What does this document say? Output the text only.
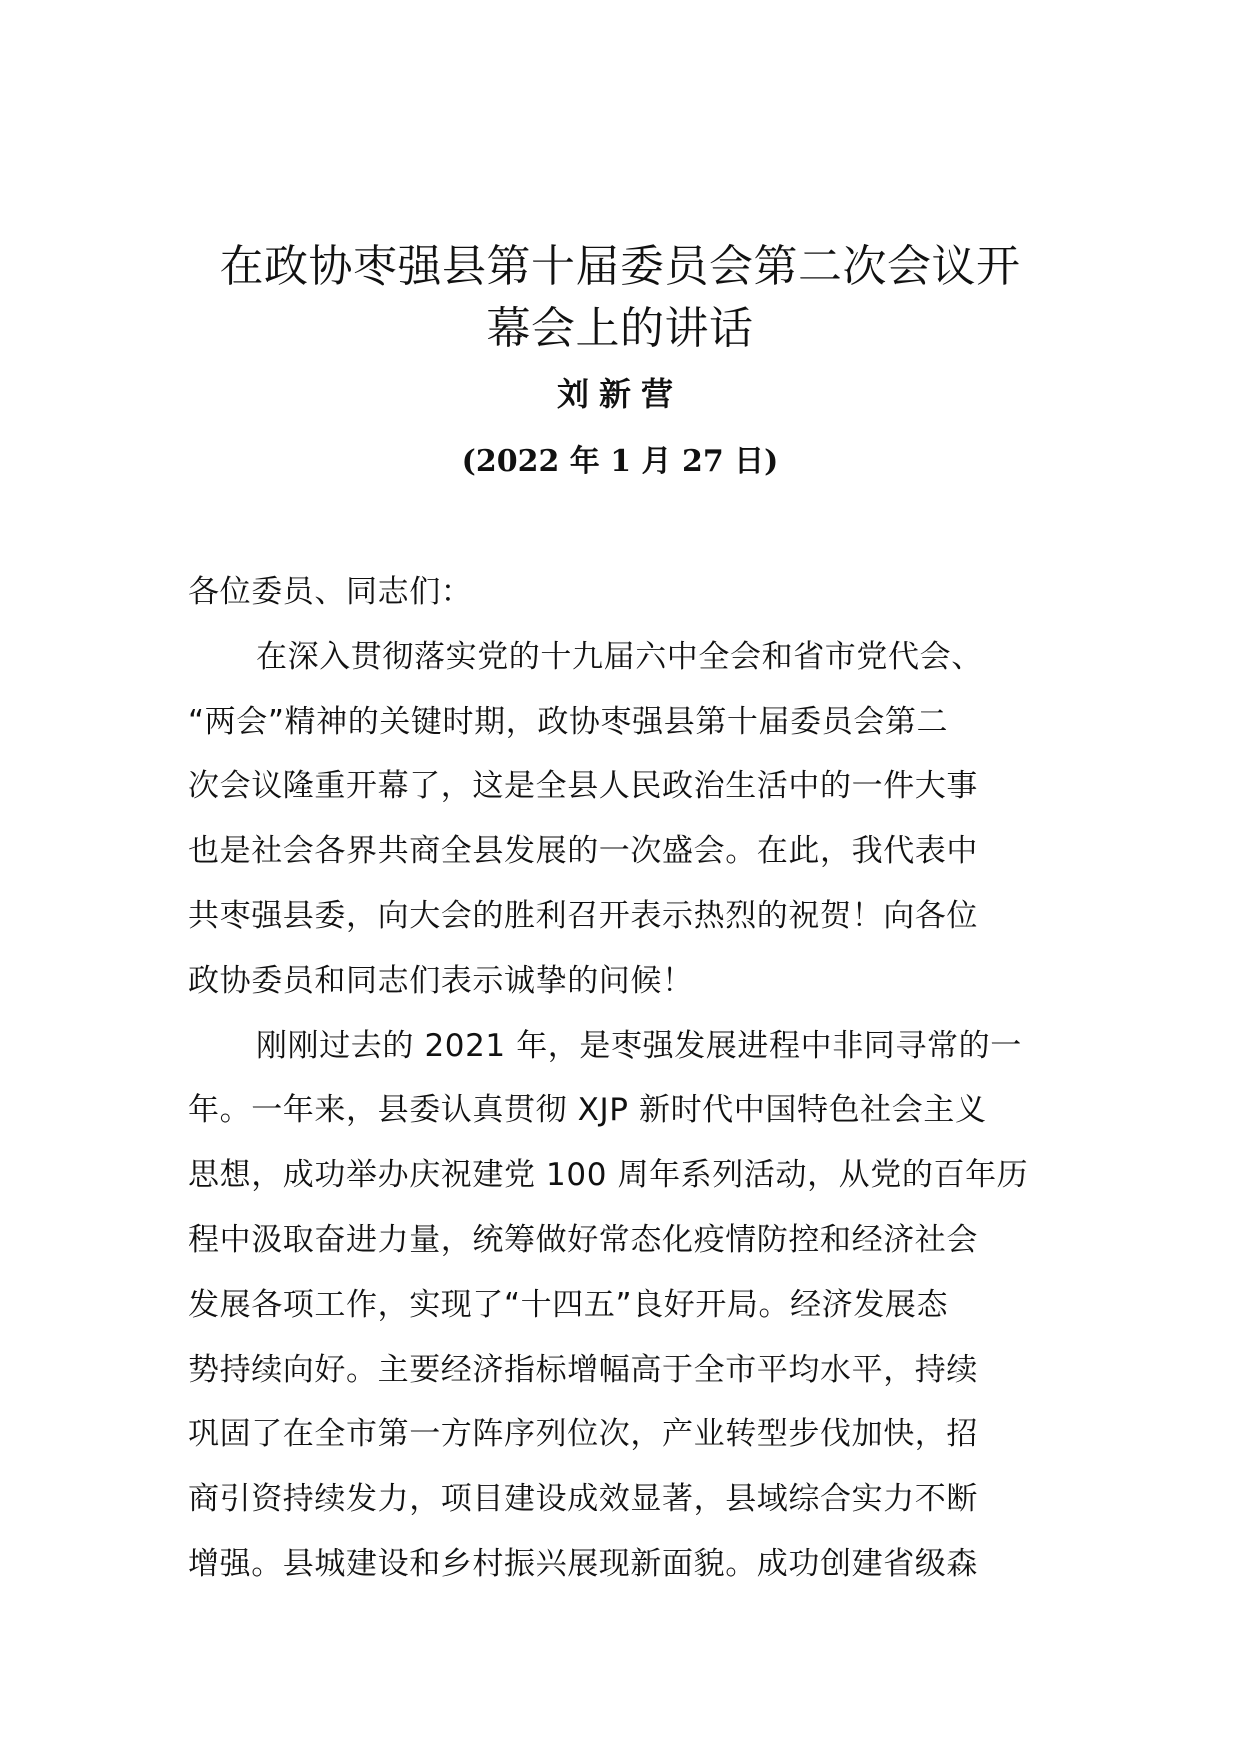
在政协枣强县第十届委员会第二次会议开
幕会上的讲话
刘新营
(2022 年 1 月 27 日)
各位委员、同志们：
在深入贯彻落实党的十九届六中全会和省市党代会、
“两会”精神的关键时期，政协枣强县第十届委员会第二
次会议隆重开幕了，这是全县人民政治生活中的一件大事
也是社会各界共商全县发展的一次盛会。在此，我代表中
共枣强县委，向大会的胜利召开表示热烈的祝贺！向各位
政协委员和同志们表示诚挚的问候！
刚刚过去的 2021 年，是枣强发展进程中非同寻常的一
年。一年来，县委认真贯彻 XJP 新时代中国特色社会主义
思想，成功举办庆祝建党 100 周年系列活动，从党的百年历
程中汲取奋进力量，统筹做好常态化疫情防控和经济社会
发展各项工作，实现了“十四五”良好开局。经济发展态
势持续向好。主要经济指标增幅高于全市平均水平，持续
巩固了在全市第一方阵序列位次，产业转型步伐加快，招
商引资持续发力，项目建设成效显著，县域综合实力不断
增强。县城建设和乡村振兴展现新面貌。成功创建省级森
